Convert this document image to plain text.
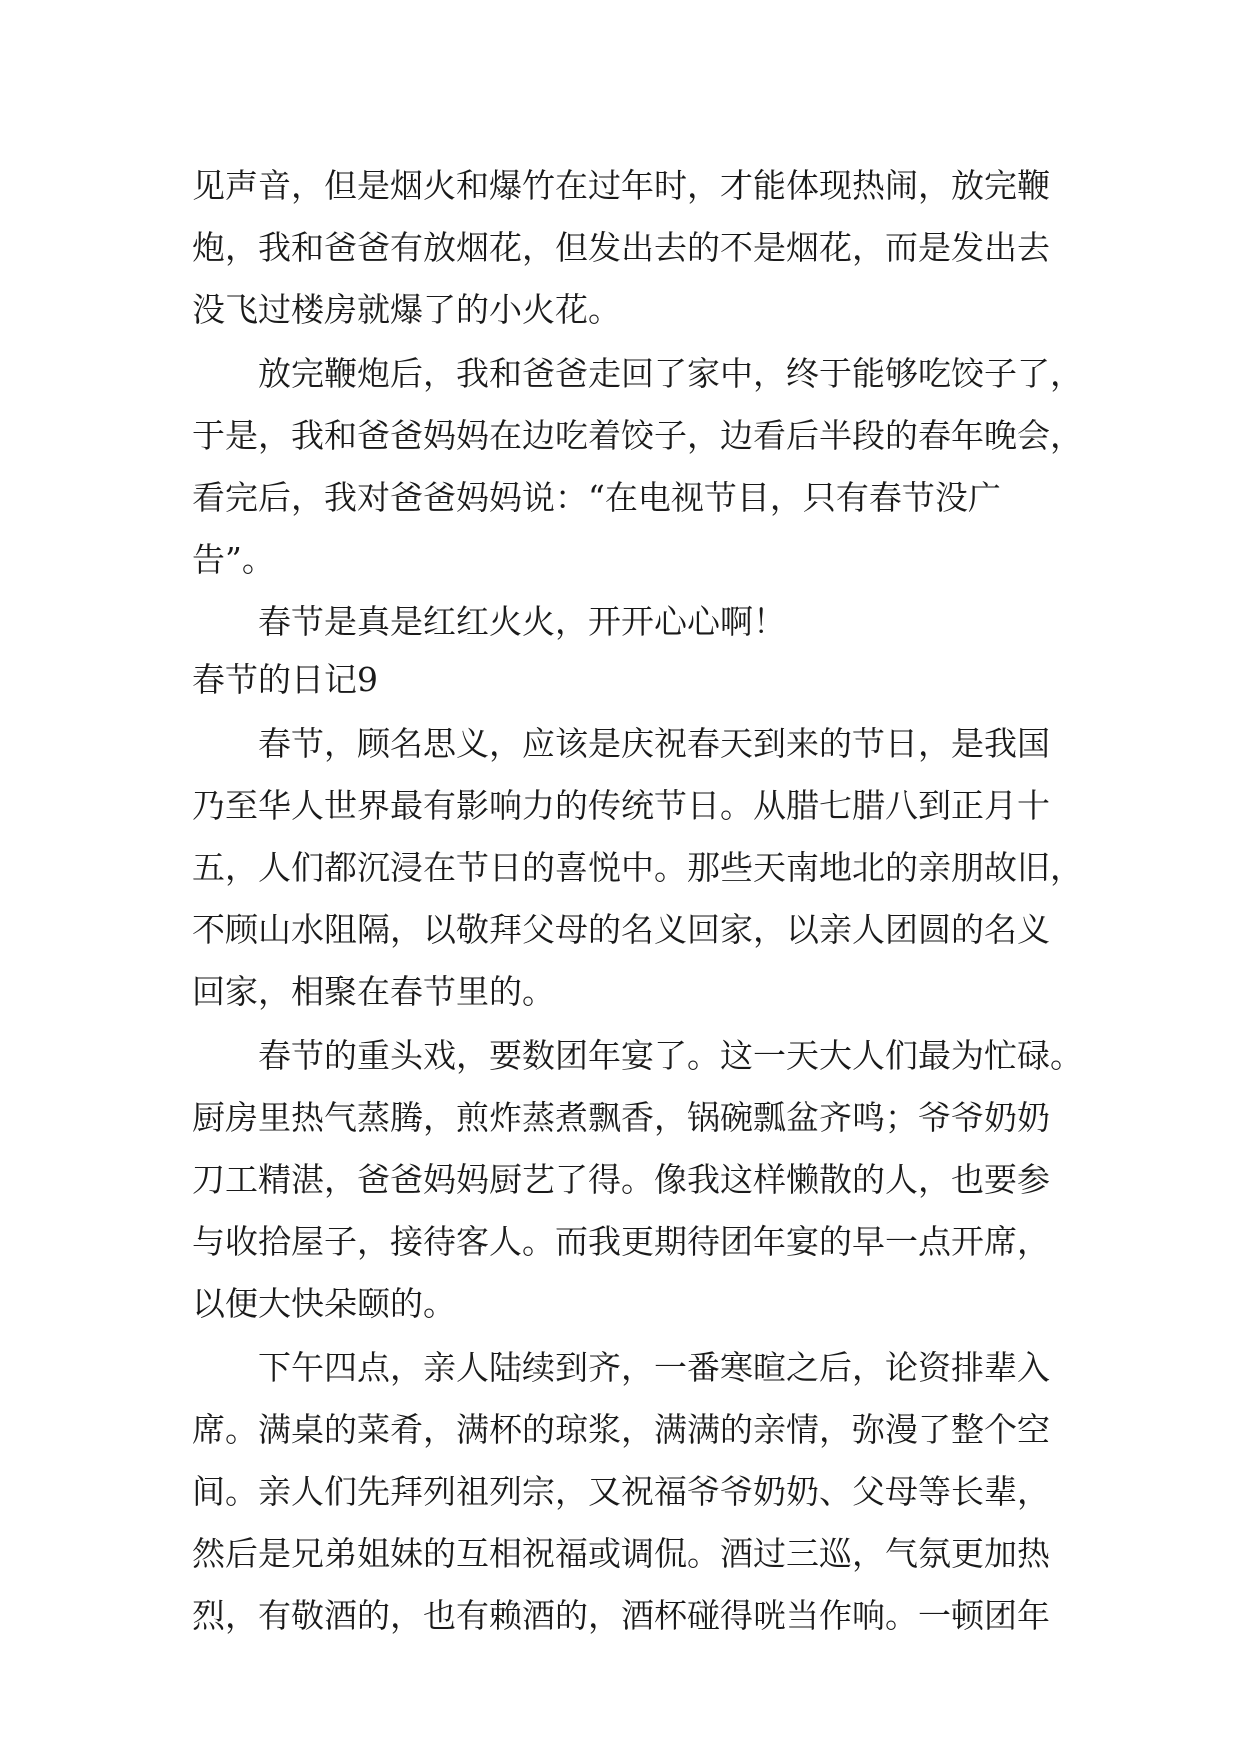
见声音，但是烟火和爆竹在过年时，才能体现热闹，放完鞭

炮，我和爸爸有放烟花，但发出去的不是烟花，而是发出去

没飞过楼房就爆了的小火花。

放完鞭炮后，我和爸爸走回了家中，终于能够吃饺子了，

于是，我和爸爸妈妈在边吃着饺子，边看后半段的春年晚会，

看完后，我对爸爸妈妈说：“在电视节目，只有春节没广

告”。

春节是真是红红火火，开开心心啊！

春节的日记9

春节，顾名思义，应该是庆祝春天到来的节日，是我国

乃至华人世界最有影响力的传统节日。从腊七腊八到正月十

五，人们都沉浸在节日的喜悦中。那些天南地北的亲朋故旧，

不顾山水阻隔，以敬拜父母的名义回家，以亲人团圆的名义

回家，相聚在春节里的。

春节的重头戏，要数团年宴了。这一天大人们最为忙碌。

厨房里热气蒸腾，煎炸蒸煮飘香，锅碗瓢盆齐鸣；爷爷奶奶

刀工精湛，爸爸妈妈厨艺了得。像我这样懒散的人，也要参

与收拾屋子，接待客人。而我更期待团年宴的早一点开席，

以便大快朵颐的。

下午四点，亲人陆续到齐，一番寒暄之后，论资排辈入

席。满桌的菜肴，满杯的琼浆，满满的亲情，弥漫了整个空

间。亲人们先拜列祖列宗，又祝福爷爷奶奶、父母等长辈，

然后是兄弟姐妹的互相祝福或调侃。酒过三巡，气氛更加热

烈，有敬酒的，也有赖酒的，酒杯碰得咣当作响。一顿团年
